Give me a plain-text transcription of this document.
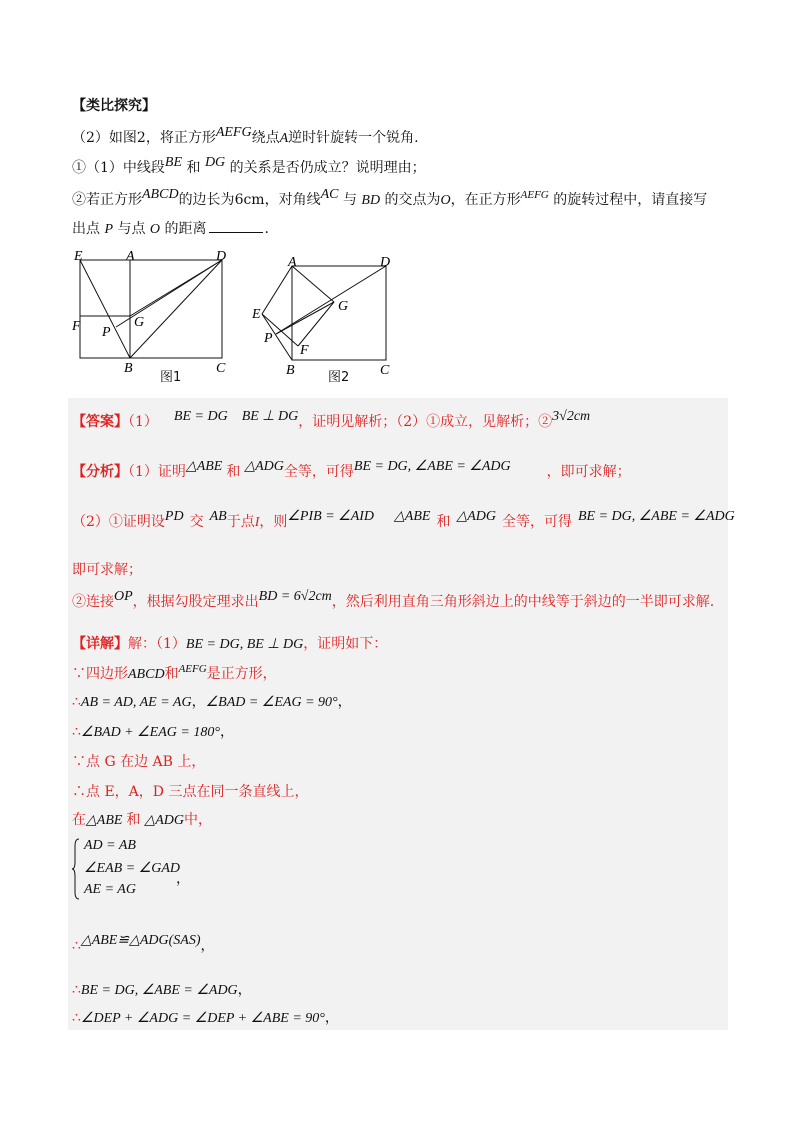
【类比探究】
（2）如图2，将正方形AEFG绕点A逆时针旋转一个锐角.
①（1）中线段BE 和 DG 的关系是否仍成立？说明理由；
②若正方形ABCD的边长为6cm，对角线AC 与 BD 的交点为O，在正方形$^{AEFG}$ 的旋转过程中，请直接写
出点 P 与点 O 的距离	.
E	A	D
F	G
P
B	C
图1
A	D
G
E
P
F
B	C
图2
【答案】（1） BE = DG BE ⊥ DG，证明见解析；（2）①成立，见解析；②3√2cm
【分析】（1）证明△ABE 和 △ADG全等，可得BE = DG, ∠ABE = ∠ADG	，即可求解；
（2）①证明设PD 交 AB于点I，则∠PIB = ∠AID △ABE 和 △ADG 全等，可得 BE = DG, ∠ABE = ∠ADG
即可求解；
②连接OP，根据勾股定理求出BD = 6√2cm，然后利用直角三角形斜边上的中线等于斜边的一半即可求解.
【详解】解：（1）BE = DG, BE ⊥ DG，证明如下：
∵四边形ABCD和$^{AEFG}$是正方形，
∴AB = AD, AE = AG，∠BAD = ∠EAG = 90°，
∴∠BAD + ∠EAG = 180°，
∵点 G 在边 AB 上，
∴点 E，A，D 三点在同一条直线上，
在△ABE 和 △ADG中，
AD = AB
∠EAB = ∠GAD
AE = AG
，
∴△ABE≌△ADG(SAS)，
∴BE = DG, ∠ABE = ∠ADG，
∴∠DEP + ∠ADG = ∠DEP + ∠ABE = 90°，
